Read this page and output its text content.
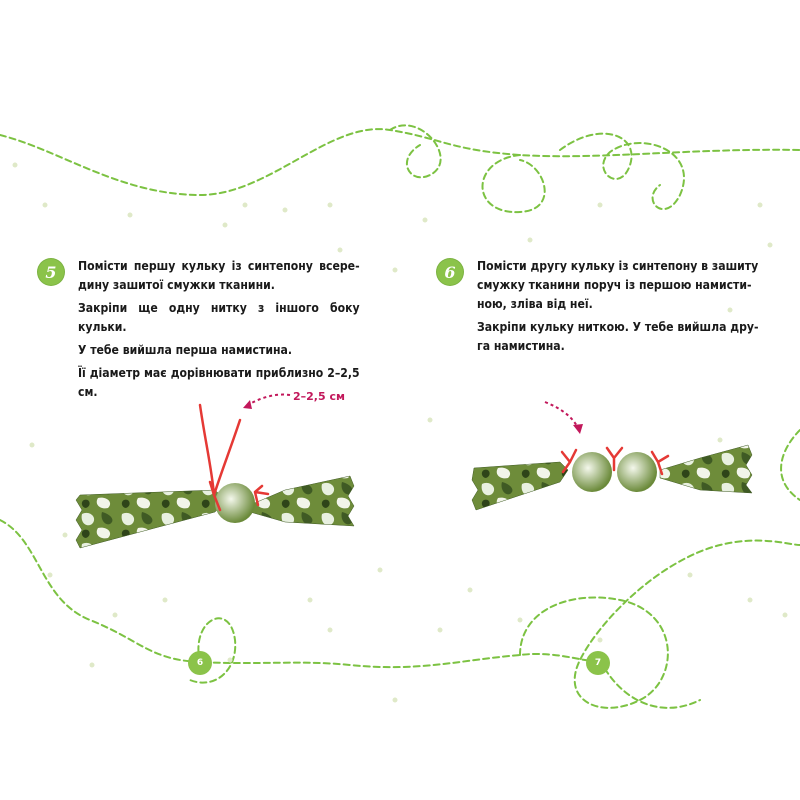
5 Помісти першу кульку із синтепону всере-дину зашитої смужки тканини.

Закріпи ще одну нитку з іншого боку кульки.

У тебе вийшла перша намистина.

Її діаметр має дорівнювати приблизно 2–2,5 см.

6 Помісти другу кульку із синтепону в зашиту смужку тканини поруч із першою намисти-ною, зліва від неї.

Закріпи кульку ниткою. У тебе вийшла дру-га намистина.

2–2,5 см
6	7
